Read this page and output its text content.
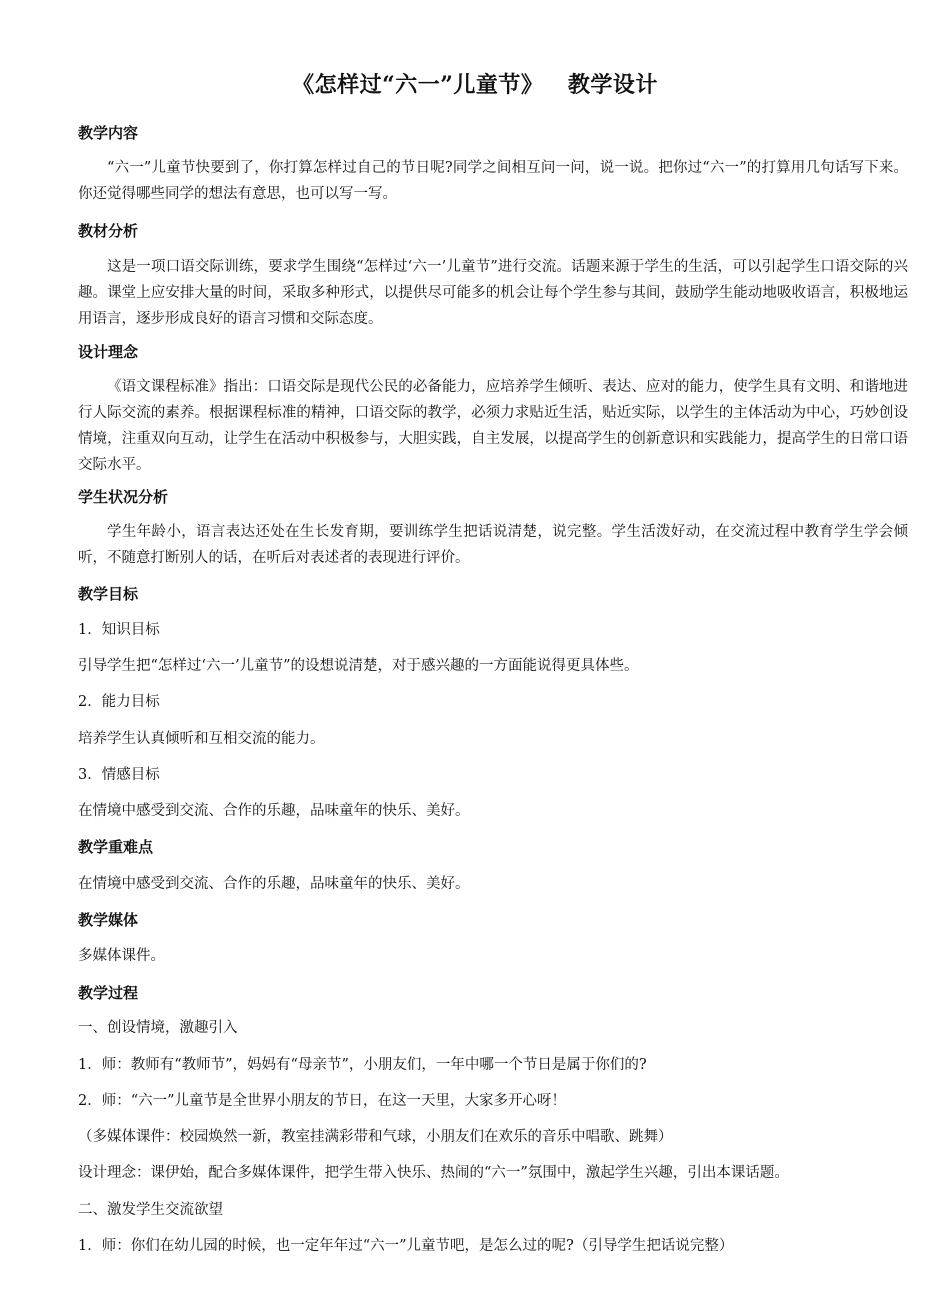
《怎样过“六一”儿童节》   教学设计
教学内容
“六一”儿童节快要到了，你打算怎样过自己的节日呢?同学之间相互问一问，说一说。把你过“六一”的打算用几句话写下来。你还觉得哪些同学的想法有意思，也可以写一写。
教材分析
这是一项口语交际训练，要求学生围绕“怎样过‘六一’儿童节”进行交流。话题来源于学生的生活，可以引起学生口语交际的兴趣。课堂上应安排大量的时间，采取多种形式，以提供尽可能多的机会让每个学生参与其间，鼓励学生能动地吸收语言，积极地运用语言，逐步形成良好的语言习惯和交际态度。
设计理念
《语文课程标准》指出：口语交际是现代公民的必备能力，应培养学生倾听、表达、应对的能力，使学生具有文明、和谐地进行人际交流的素养。根据课程标准的精神，口语交际的教学，必须力求贴近生活，贴近实际，以学生的主体活动为中心，巧妙创设情境，注重双向互动，让学生在活动中积极参与，大胆实践，自主发展，以提高学生的创新意识和实践能力，提高学生的日常口语交际水平。
学生状况分析
学生年龄小，语言表达还处在生长发育期，要训练学生把话说清楚，说完整。学生活泼好动，在交流过程中教育学生学会倾听，不随意打断别人的话，在听后对表述者的表现进行评价。
教学目标
1．知识目标
引导学生把“怎样过‘六一’儿童节”的设想说清楚，对于感兴趣的一方面能说得更具体些。
2．能力目标
培养学生认真倾听和互相交流的能力。
3．情感目标
在情境中感受到交流、合作的乐趣，品味童年的快乐、美好。
教学重难点
在情境中感受到交流、合作的乐趣，品味童年的快乐、美好。
教学媒体
多媒体课件。
教学过程
一、创设情境，激趣引入
1．师：教师有“教师节”，妈妈有“母亲节”，小朋友们，一年中哪一个节日是属于你们的?
2．师：“六一”儿童节是全世界小朋友的节日，在这一天里，大家多开心呀！
（多媒体课件：校园焕然一新，教室挂满彩带和气球，小朋友们在欢乐的音乐中唱歌、跳舞）
设计理念：课伊始，配合多媒体课件，把学生带入快乐、热闹的“六一”氛围中，激起学生兴趣，引出本课话题。
二、激发学生交流欲望
1．师：你们在幼儿园的时候，也一定年年过“六一”儿童节吧，是怎么过的呢?（引导学生把话说完整）
